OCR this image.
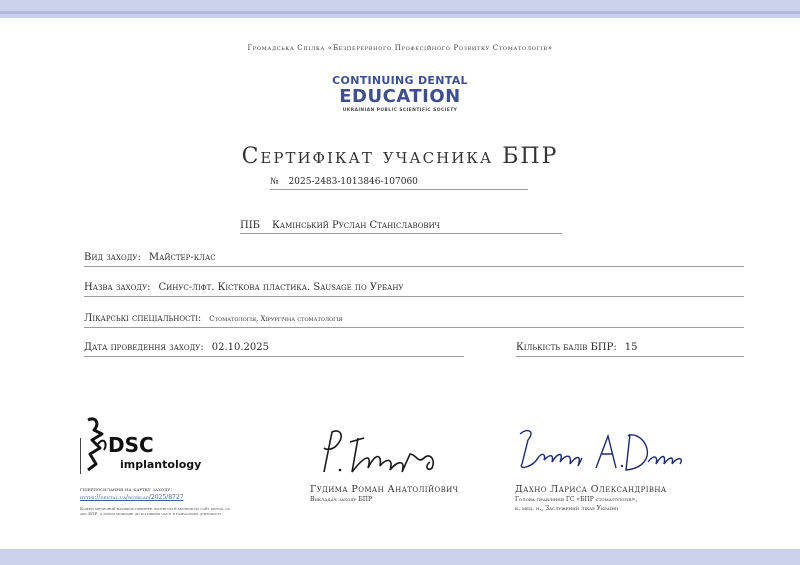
Громадська Спілка «Безперервного Професійного Розвитку Стоматологів»
CONTINUING DENTAL
EDUCATION
UKRAINIAN PUBLIC SCIENTIFIC SOCIETY
Сертифікат учасника БПР
№ 2025-2483-1013846-107060
ПІБ Камінський Руслан Станіславович
Вид заходу: Майстер-клас
Назва заходу: Синус-ліфт. Кісткова пластика. Sausage по Урбану
Лікарські спеціальності: Стоматологія, Хірургічна стоматологія
Дата проведення заходу: 02.10.2025	Кількість балів БПР: 15
DSC
implantology
гіперпосилання на картку заходу:
https://dental.ua/rozklad/2025/8727
Кожен медичний фахівець повинен протягом 6 місяців на сайт dental.ua або БПР, а більш можливі дії по іншим часті в навчальної діяльності
Гудима Роман Анатолійович
Викладач заходу БПР
Дахно Лариса Олександрівна
Голова правління ГС «БПР стоматологів»,
к. мед. н., Заслужений лікар України
